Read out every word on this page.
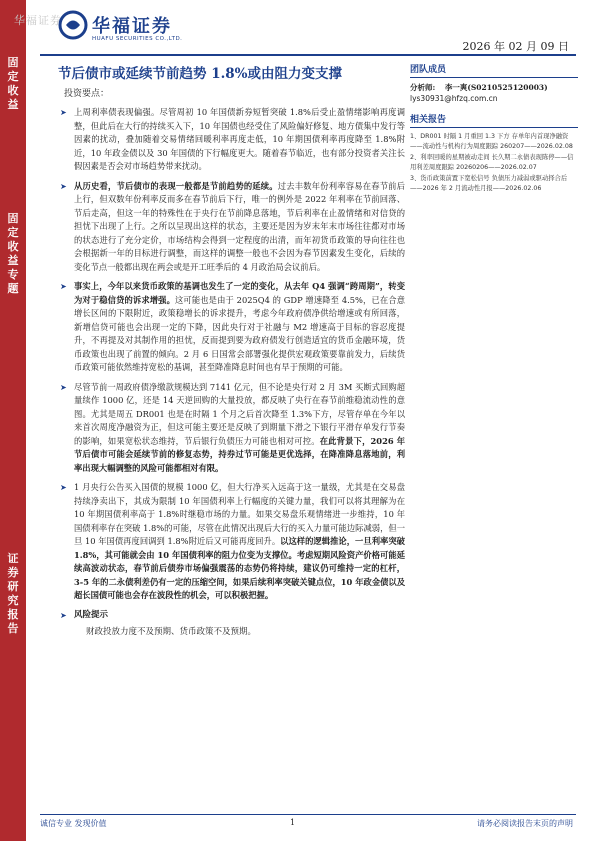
固
定
收
益
固
定
收
益
专
题
证
券
研
究
报
告
华福证券 华福证券
HUAFU SECURITIES CO.,LTD.
2026 年 02 月 09 日
节后债市或延续节前趋势 1.8%或由阻力变支撑
投资要点：

➤ 上周利率债表现偏强。尽管周初 10 年国债新券短暂突破 1.8%后受止盈情绪影响再度调整，但此后在大行的持续买入下，10 年国债也经受住了风险偏好修复、地方债集中发行等因素的扰动，叠加随着交易情绪回暖利率再度走低，10 年期国债利率再度降至 1.8%附近，10 年政金债以及 30 年国债的下行幅度更大。随着春节临近，也有部分投资者关注长假因素是否会对市场趋势带来扰动。

➤ 从历史看，节后债市的表现一般都是节前趋势的延续。过去丰数年份利率容易在春节前后上行，但双数年份利率反而多在春节前后下行，唯一的例外是 2022 年利率在节前回落、节后走高，但这一年的特殊性在于央行在节前降息落地，节后利率在止盈情绪和对信贷的担忧下出现了上行。之所以呈现出这样的状态，主要还是因为岁末年末市场往往都对市场的状态进行了充分定价，市场结构会得到一定程度的出清，而年初货币政策的导向往往也会根据新一年的目标进行调整，而这样的调整一般也不会因为春节因素发生变化，后续的变化节点一般都出现在两会或是开工旺季后的 4 月政治局会议前后。

➤ 事实上，今年以来货币政策的基调也发生了一定的变化，从去年 Q4 强调“跨周期”，转变为对于稳信贷的诉求增强。这可能也是由于 2025Q4 的 GDP 增速降至 4.5%，已在合意增长区间的下限附近，政策稳增长的诉求提升，考虑今年政府债净供给增速或有所回落，新增信贷可能也会出现一定的下降，因此央行对于社融与 M2 增速高于目标的容忍度提升，不再提及对其制作用的担忧，反而提到要为政府债发行创造适宜的货币金融环境，货币政策也出现了前置的倾向。2 月 6 日国常会部署强化提供宏观政策要靠前发力，后续货币政策可能依然维持宽松的基调，甚至降准降息时间也有早于预期的可能。

➤ 尽管节前一周政府债净缴款规模达到 7141 亿元，但不论是央行对 2 月 3M 买断式回购超量续作 1000 亿，还是 14 天逆回购的大量投放，都反映了央行在春节前维稳流动性的意图。尤其是周五 DR001 也是在时隔 1 个月之后首次降至 1.3%下方，尽管存单在今年以来首次周度净融资为正，但这可能主要还是反映了到期量下滑之下银行平滑存单发行节奏的影响，如果宽松状态维持，节后银行负债压力可能也相对可控。在此背景下，2026 年节后债市可能会延续节前的修复态势，持券过节可能是更优选择，在降准降息落地前，利率出现大幅调整的风险可能都相对有限。

➤ 1 月央行公告买入国债的规模 1000 亿，但大行净买入远高于这一量级，尤其是在交易盘持续净卖出下，其成为限制 10 年国债利率上行幅度的关键力量，我们可以将其理解为在 10 年期国债利率高于 1.8%时继稳市场的力量。如果交易盘乐观情绪进一步维持，10 年国债利率存在突破 1.8%的可能，尽管在此情况出现后大行的买入力量可能边际减弱，但一旦 10 年国债再度回调到 1.8%附近后又可能再度回升。以这样的逻辑推论，一旦利率突破 1.8%，其可能就会由 10 年国债利率的阻力位变为支撑位。考虑短期风险资产价格可能延续高波动状态，春节前后债券市场偏强震荡的态势仍将持续，建议仍可维持一定的杠杆，3-5 年的二永债利差仍有一定的压缩空间，如果后续利率突破关键点位，10 年政金债以及超长国债可能也会存在波段性的机会，可以积极把握。

➤ 风险提示
财政投放力度不及预期、货币政策不及预期。
团队成员
分析师: 李一爽(S0210525120003)
lys30931@hfzq.com.cn
相关报告
1、DR001 时隔 1 月重回 1.3 下方 存单年内首现净融资——流动性与机构行为周度跟踪 260207——2026.02.08
2、利率回暖的星期被动走间 长久期二永债表现陈停——信用利差周度跟踪 20260206——2026.02.07
3、货币政策前置下宽松信号 负债压力减弱或驱动择合后——2026 年 2 月流动性月报——2026.02.06
诚信专业 发现价值	1	请务必阅读报告末页的声明
